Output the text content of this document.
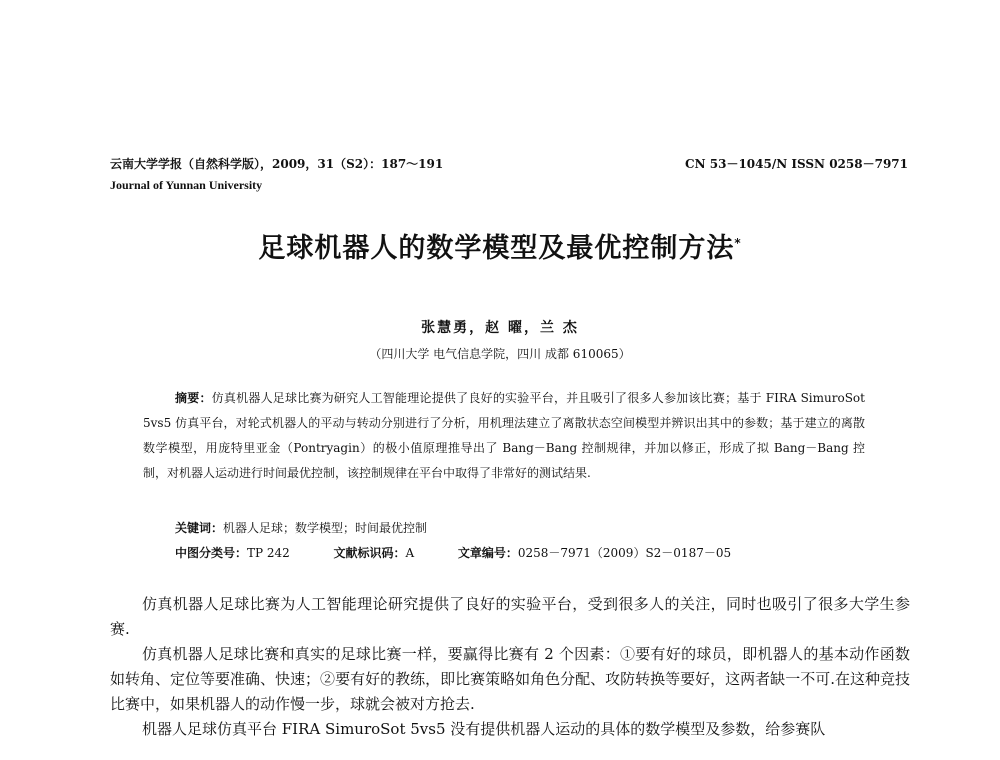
云南大学学报（自然科学版），2009，31（S2）：187～191	CN 53－1045/N ISSN 0258－7971
Journal of Yunnan University
足球机器人的数学模型及最优控制方法*
张慧勇，赵 曜，兰 杰
（四川大学 电气信息学院，四川 成都 610065）
摘要：仿真机器人足球比赛为研究人工智能理论提供了良好的实验平台，并且吸引了很多人参加该比赛；基于 FIRA SimuroSot 5vs5 仿真平台，对轮式机器人的平动与转动分别进行了分析，用机理法建立了离散状态空间模型并辨识出其中的参数；基于建立的离散数学模型，用庞特里亚金（Pontryagin）的极小值原理推导出了 Bang－Bang 控制规律，并加以修正，形成了拟 Bang－Bang 控制，对机器人运动进行时间最优控制，该控制规律在平台中取得了非常好的测试结果.
关键词：机器人足球；数学模型；时间最优控制
中图分类号：TP 242	文献标识码：A	文章编号：0258－7971（2009）S2－0187－05

仿真机器人足球比赛为人工智能理论研究提供了良好的实验平台，受到很多人的关注，同时也吸引了很多大学生参赛.

仿真机器人足球比赛和真实的足球比赛一样，要赢得比赛有 2 个因素：①要有好的球员，即机器人的基本动作函数如转角、定位等要准确、快速；②要有好的教练，即比赛策略如角色分配、攻防转换等要好，这两者缺一不可.在这种竞技比赛中，如果机器人的动作慢一步，球就会被对方抢去.

机器人足球仿真平台 FIRA SimuroSot 5vs5 没有提供机器人运动的具体的数学模型及参数，给参赛队
